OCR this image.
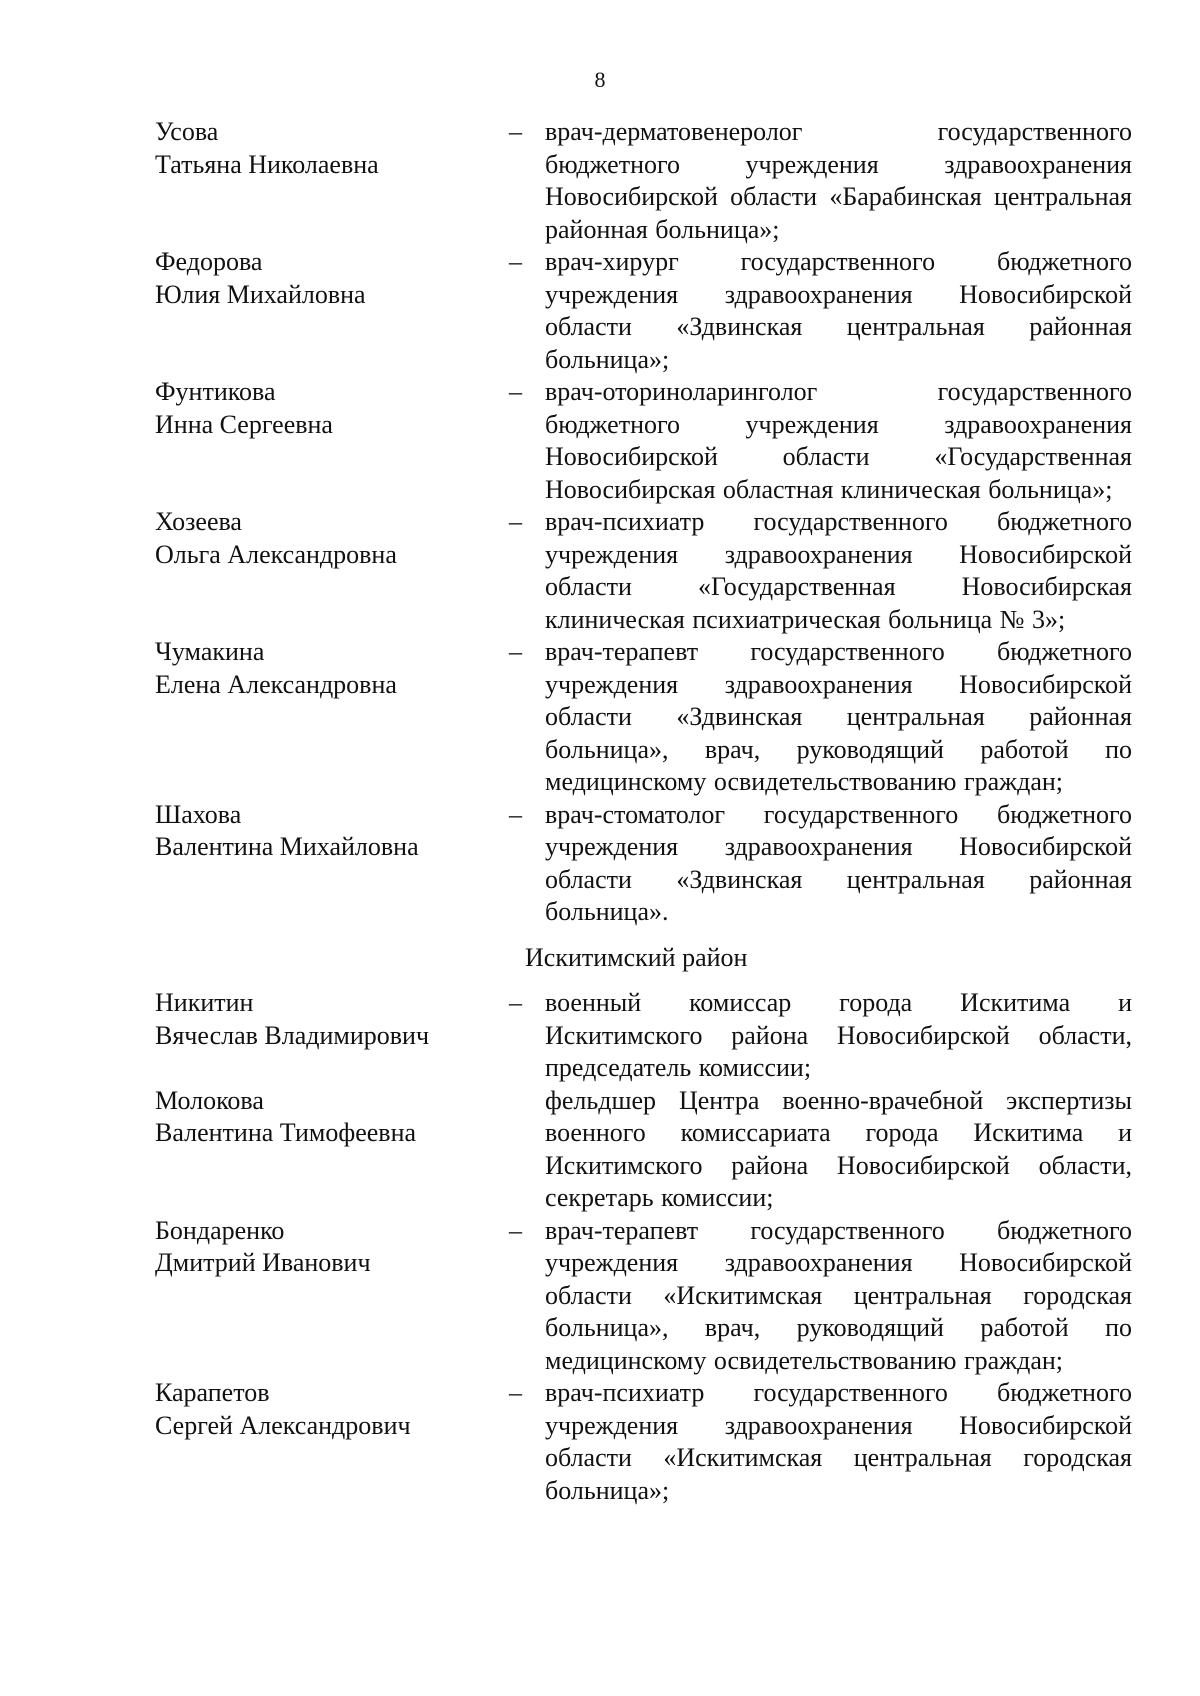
8
Усова
Татьяна Николаевна
– врач-дерматовенеролог государственного бюджетного учреждения здравоохранения Новосибирской области «Барабинская центральная районная больница»;
Федорова
Юлия Михайловна
– врач-хирург государственного бюджетного учреждения здравоохранения Новосибирской области «Здвинская центральная районная больница»;
Фунтикова
Инна Сергеевна
– врач-оториноларинголог государственного бюджетного учреждения здравоохранения Новосибирской области «Государственная Новосибирская областная клиническая больница»;
Хозеева
Ольга Александровна
– врач-психиатр государственного бюджетного учреждения здравоохранения Новосибирской области «Государственная Новосибирская клиническая психиатрическая больница № 3»;
Чумакина
Елена Александровна
– врач-терапевт государственного бюджетного учреждения здравоохранения Новосибирской области «Здвинская центральная районная больница», врач, руководящий работой по медицинскому освидетельствованию граждан;
Шахова
Валентина Михайловна
– врач-стоматолог государственного бюджетного учреждения здравоохранения Новосибирской области «Здвинская центральная районная больница».
Искитимский район
Никитин
Вячеслав Владимирович
– военный комиссар города Искитима и Искитимского района Новосибирской области, председатель комиссии;
Молокова
Валентина Тимофеевна
фельдшер Центра военно-врачебной экспертизы военного комиссариата города Искитима и Искитимского района Новосибирской области, секретарь комиссии;
Бондаренко
Дмитрий Иванович
– врач-терапевт государственного бюджетного учреждения здравоохранения Новосибирской области «Искитимская центральная городская больница», врач, руководящий работой по медицинскому освидетельствованию граждан;
Карапетов
Сергей Александрович
– врач-психиатр государственного бюджетного учреждения здравоохранения Новосибирской области «Искитимская центральная городская больница»;
